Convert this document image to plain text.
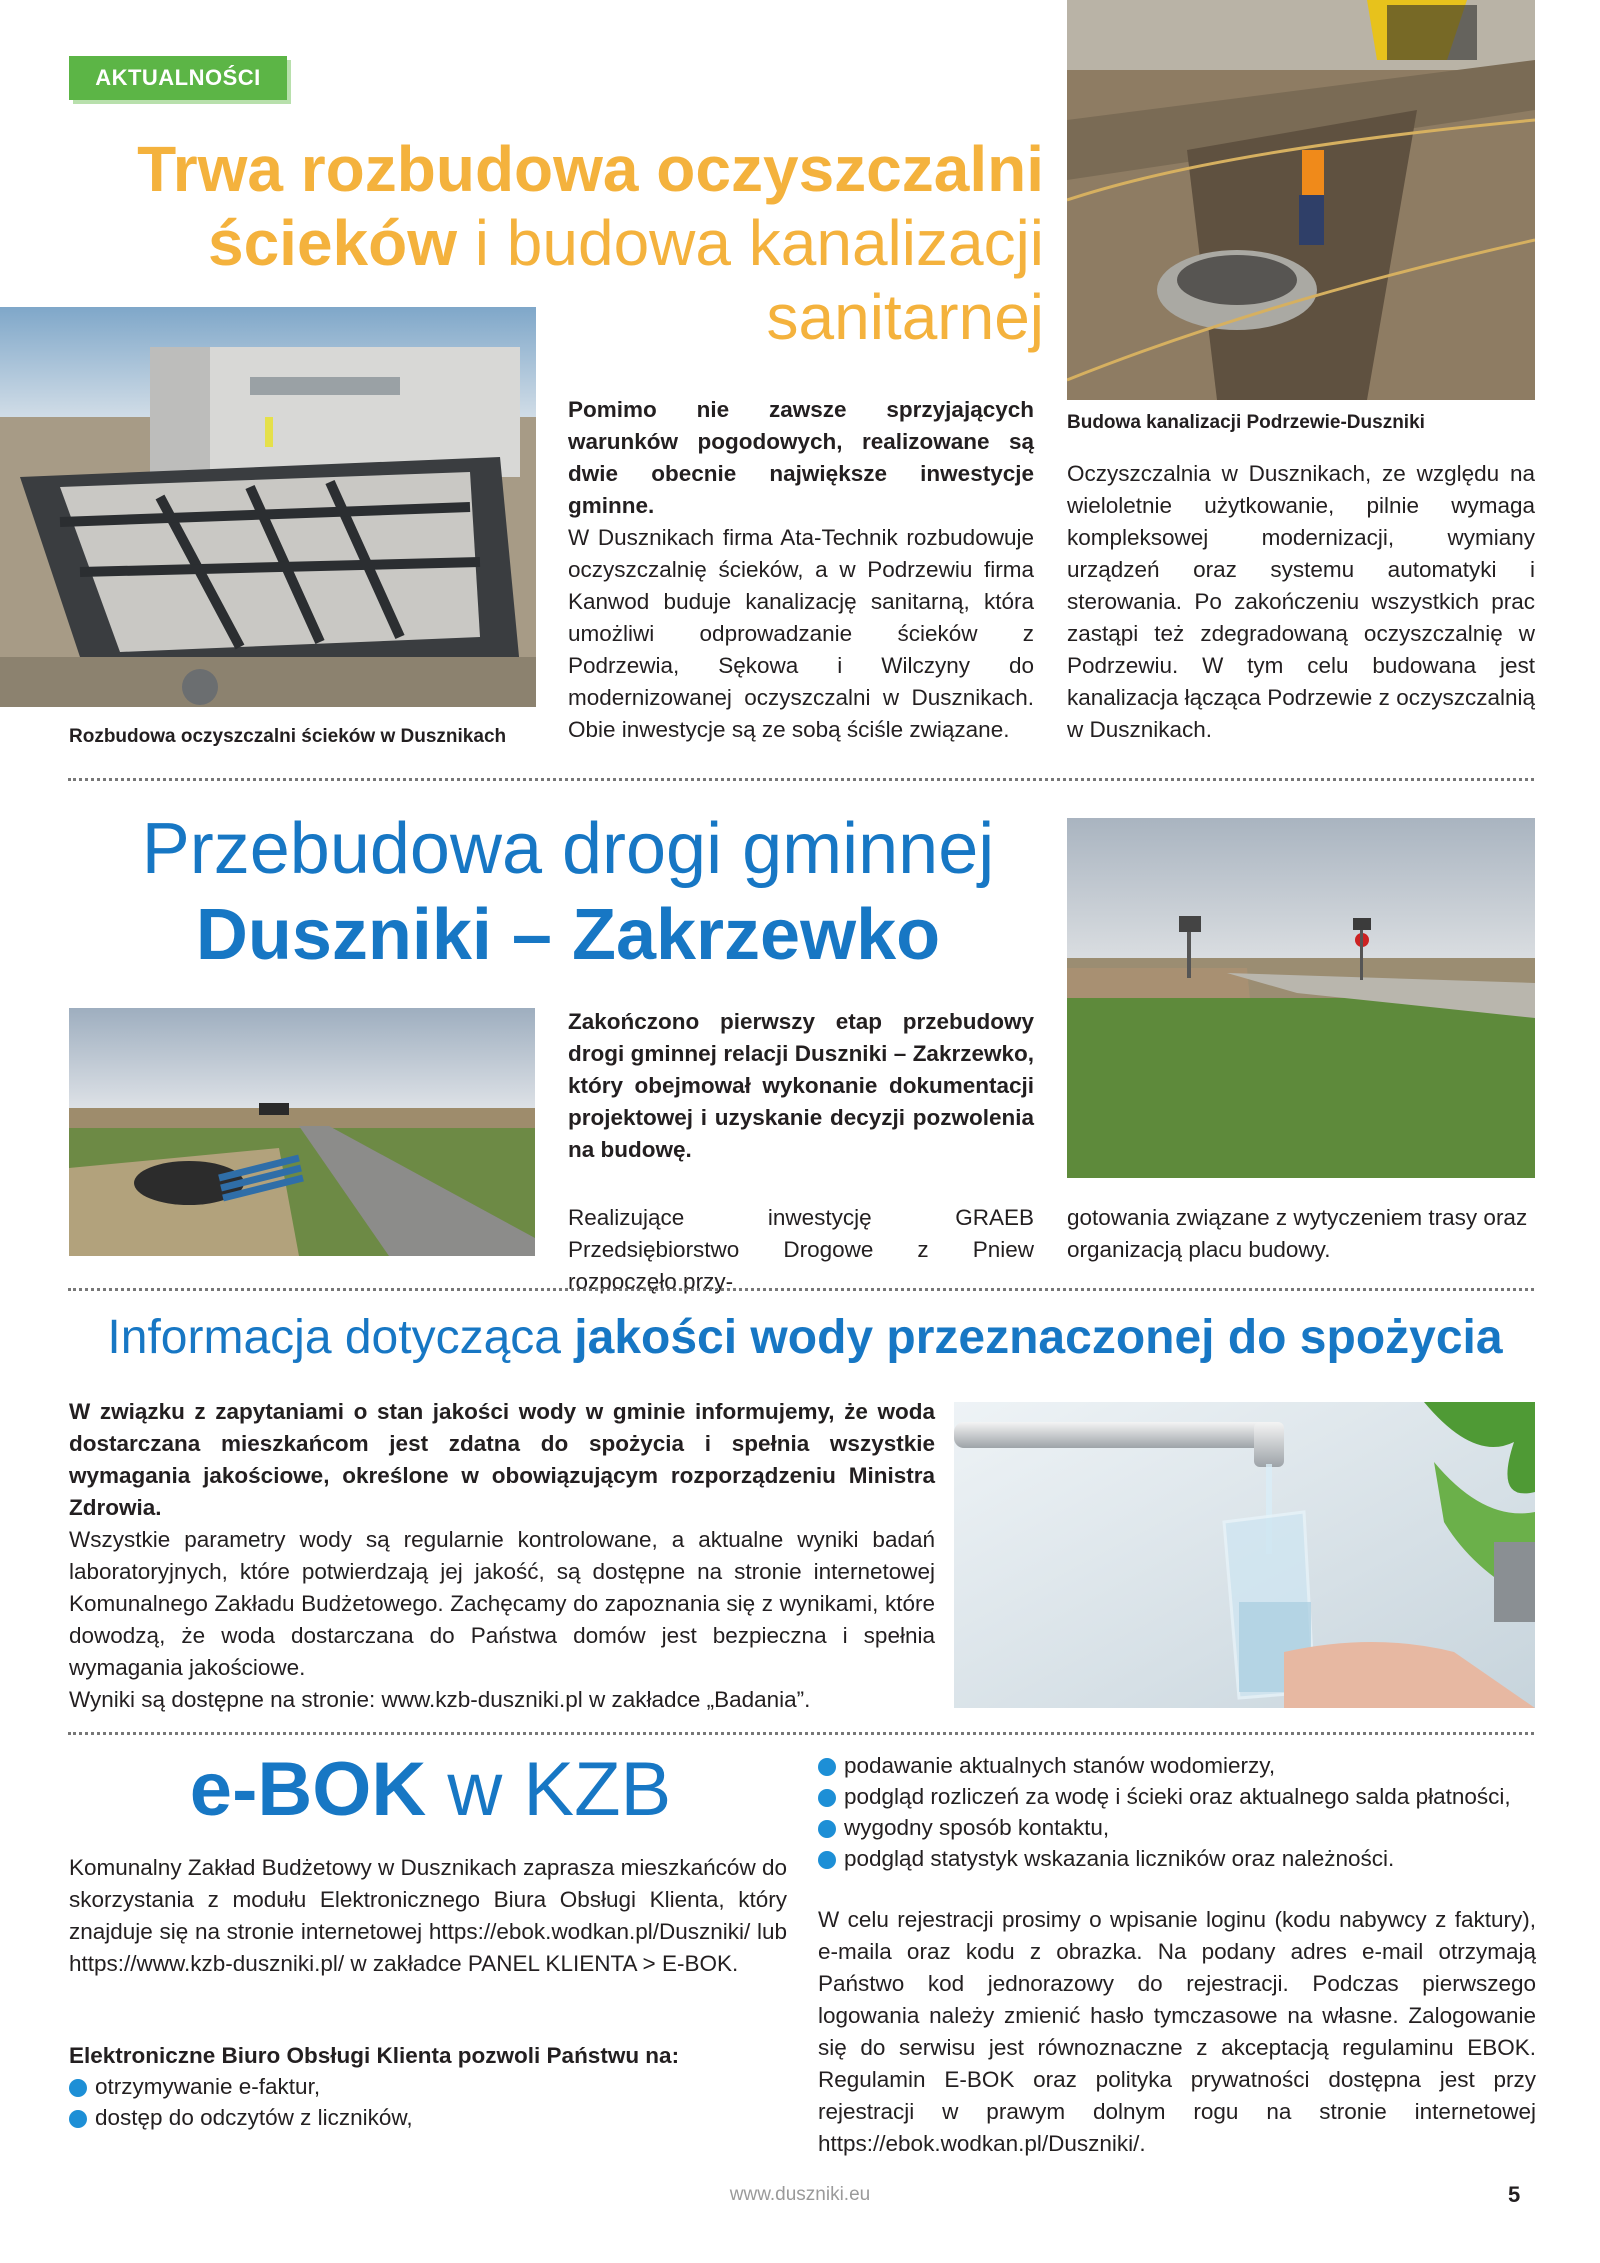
AKTUALNOŚCI
Trwa rozbudowa oczyszczalni
ścieków i budowa kanalizacji
sanitarnej
Rozbudowa oczyszczalni ścieków w Dusznikach
Budowa kanalizacji Podrzewie-Duszniki
Pomimo nie zawsze sprzyjających warunków pogodowych, realizowane są dwie obecnie największe inwestycje gminne.
W Dusznikach firma Ata-Technik rozbudowuje oczyszczalnię ścieków, a w Podrzewiu firma Kanwod buduje kanalizację sanitarną, która umożliwi odprowadzanie ścieków z Podrzewia, Sękowa i Wilczyny do modernizowanej oczyszczalni w Dusznikach. Obie inwestycje są ze sobą ściśle związane.
Oczyszczalnia w Dusznikach, ze względu na wieloletnie użytkowanie, pilnie wymaga kompleksowej modernizacji, wymiany urządzeń oraz systemu automatyki i sterowania. Po zakończeniu wszystkich prac zastąpi też zdegradowaną oczyszczalnię w Podrzewiu. W tym celu budowana jest kanalizacja łącząca Podrzewie z oczyszczalnią w Dusznikach.
Przebudowa drogi gminnej
Duszniki – Zakrzewko
Zakończono pierwszy etap przebudowy drogi gminnej relacji Duszniki – Zakrzewko, który obejmował wykonanie dokumentacji projektowej i uzyskanie decyzji pozwolenia na budowę.
Realizujące inwestycję GRAEB Przedsiębiorstwo Drogowe z Pniew rozpoczęło przy-
gotowania związane z wytyczeniem trasy oraz organizacją placu budowy.
Informacja dotycząca jakości wody przeznaczonej do spożycia
W związku z zapytaniami o stan jakości wody w gminie informujemy, że woda dostarczana mieszkańcom jest zdatna do spożycia i spełnia wszystkie wymagania jakościowe, określone w obowiązującym rozporządzeniu Ministra Zdrowia.
Wszystkie parametry wody są regularnie kontrolowane, a aktualne wyniki badań laboratoryjnych, które potwierdzają jej jakość, są dostępne na stronie internetowej Komunalnego Zakładu Budżetowego. Zachęcamy do zapoznania się z wynikami, które dowodzą, że woda dostarczana do Państwa domów jest bezpieczna i spełnia wymagania jakościowe.
Wyniki są dostępne na stronie: www.kzb-duszniki.pl w zakładce „Badania”.
e-BOK w KZB
Komunalny Zakład Budżetowy w Dusznikach zaprasza mieszkańców do skorzystania z modułu Elektronicznego Biura Obsługi Klienta, który znajduje się na stronie internetowej https://ebok.wodkan.pl/Duszniki/ lub https://www.kzb-duszniki.pl/ w zakładce PANEL KLIENTA > E-BOK.
Elektroniczne Biuro Obsługi Klienta pozwoli Państwu na:
otrzymywanie e-faktur,
dostęp do odczytów z liczników,
podawanie aktualnych stanów wodomierzy,
podgląd rozliczeń za wodę i ścieki oraz aktualnego salda płatności,
wygodny sposób kontaktu,
podgląd statystyk wskazania liczników oraz należności.
W celu rejestracji prosimy o wpisanie loginu (kodu nabywcy z faktury), e-maila oraz kodu z obrazka. Na podany adres e-mail otrzymają Państwo kod jednorazowy do rejestracji. Podczas pierwszego logowania należy zmienić hasło tymczasowe na własne. Zalogowanie się do serwisu jest równoznaczne z akceptacją regulaminu EBOK. Regulamin E-BOK oraz polityka prywatności dostępna jest przy rejestracji w prawym dolnym rogu na stronie internetowej https://ebok.wodkan.pl/Duszniki/.
www.duszniki.eu	5
